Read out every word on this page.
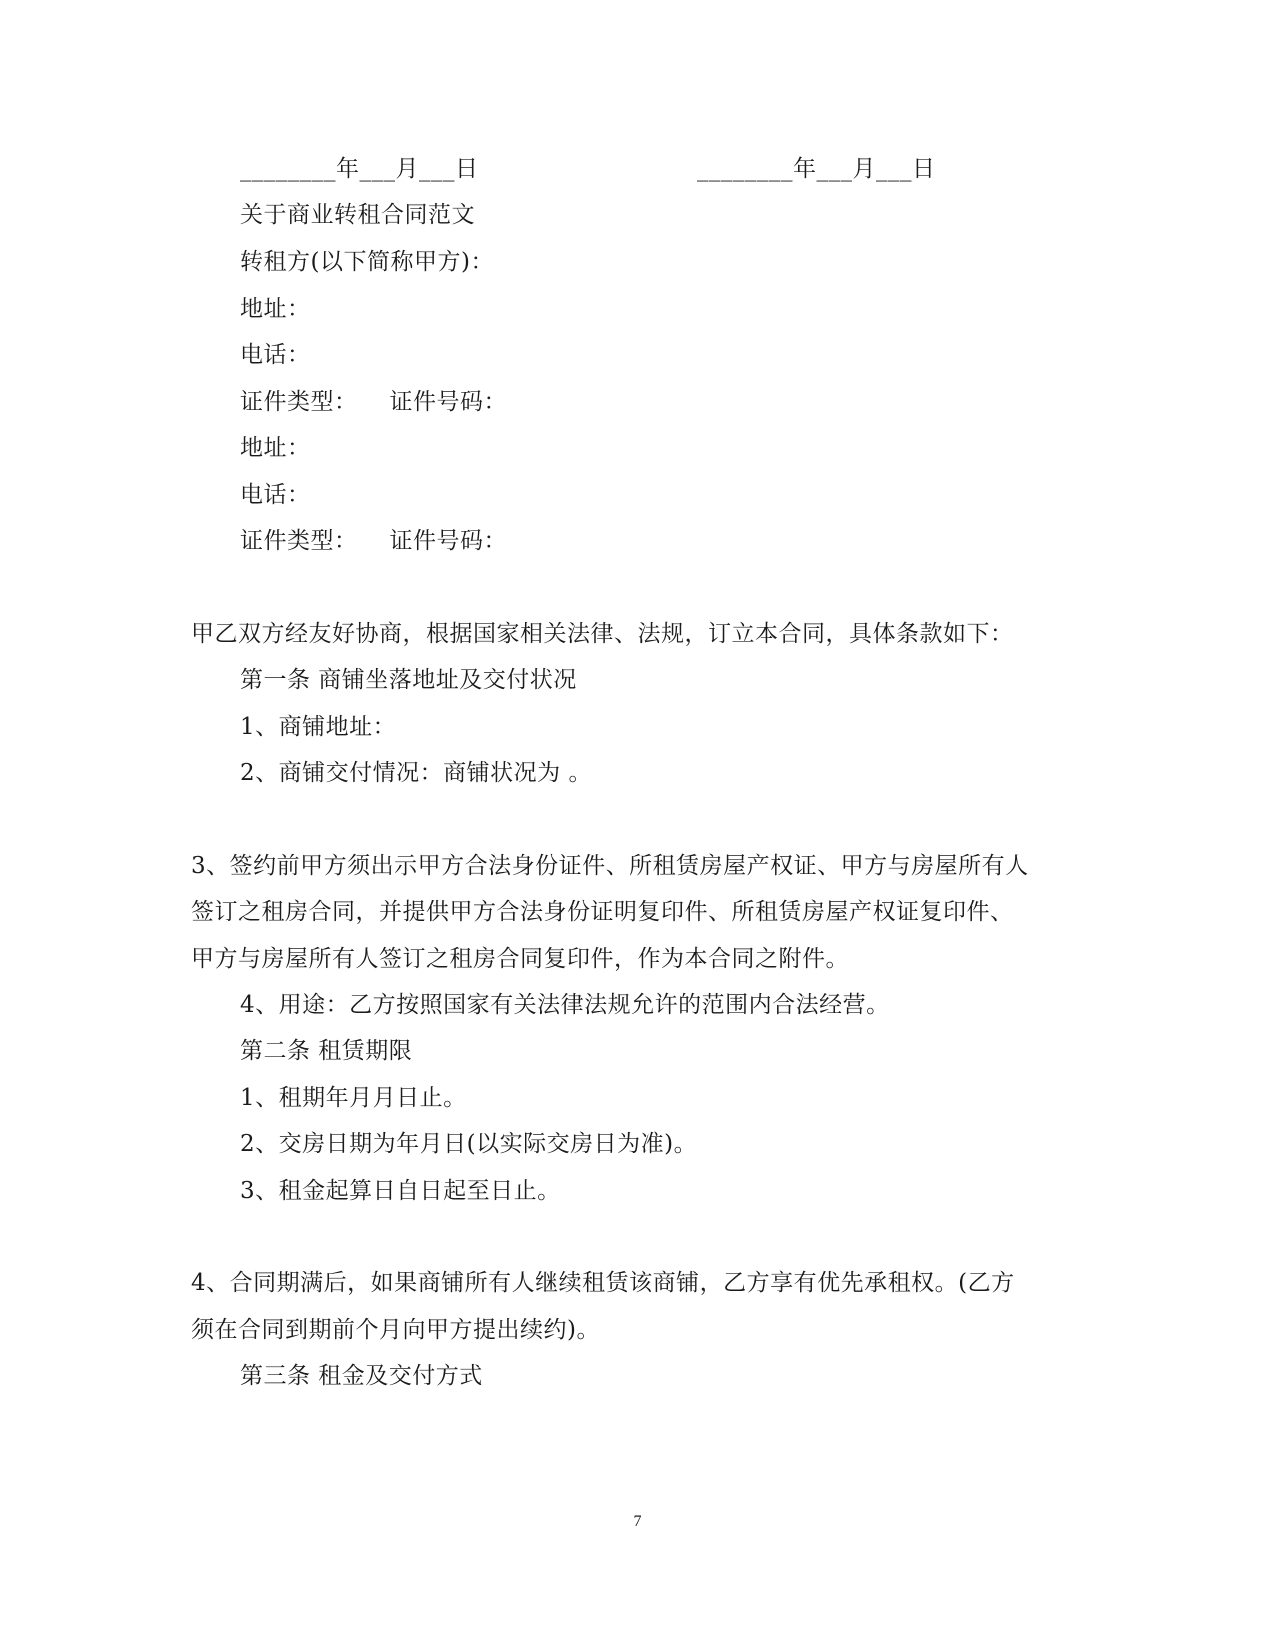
________年___月___日	________年___月___日
关于商业转租合同范文
转租方(以下简称甲方)：
地址：
电话：
证件类型： 证件号码：
地址：
电话：
证件类型： 证件号码：
甲乙双方经友好协商，根据国家相关法律、法规，订立本合同，具体条款如下：
第一条 商铺坐落地址及交付状况
1、商铺地址：
2、商铺交付情况：商铺状况为 。
3、签约前甲方须出示甲方合法身份证件、所租赁房屋产权证、甲方与房屋所有人
签订之租房合同，并提供甲方合法身份证明复印件、所租赁房屋产权证复印件、
甲方与房屋所有人签订之租房合同复印件，作为本合同之附件。
4、用途：乙方按照国家有关法律法规允许的范围内合法经营。
第二条 租赁期限
1、租期年月月日止。
2、交房日期为年月日(以实际交房日为准)。
3、租金起算日自日起至日止。
4、合同期满后，如果商铺所有人继续租赁该商铺，乙方享有优先承租权。(乙方
须在合同到期前个月向甲方提出续约)。
第三条 租金及交付方式
7
